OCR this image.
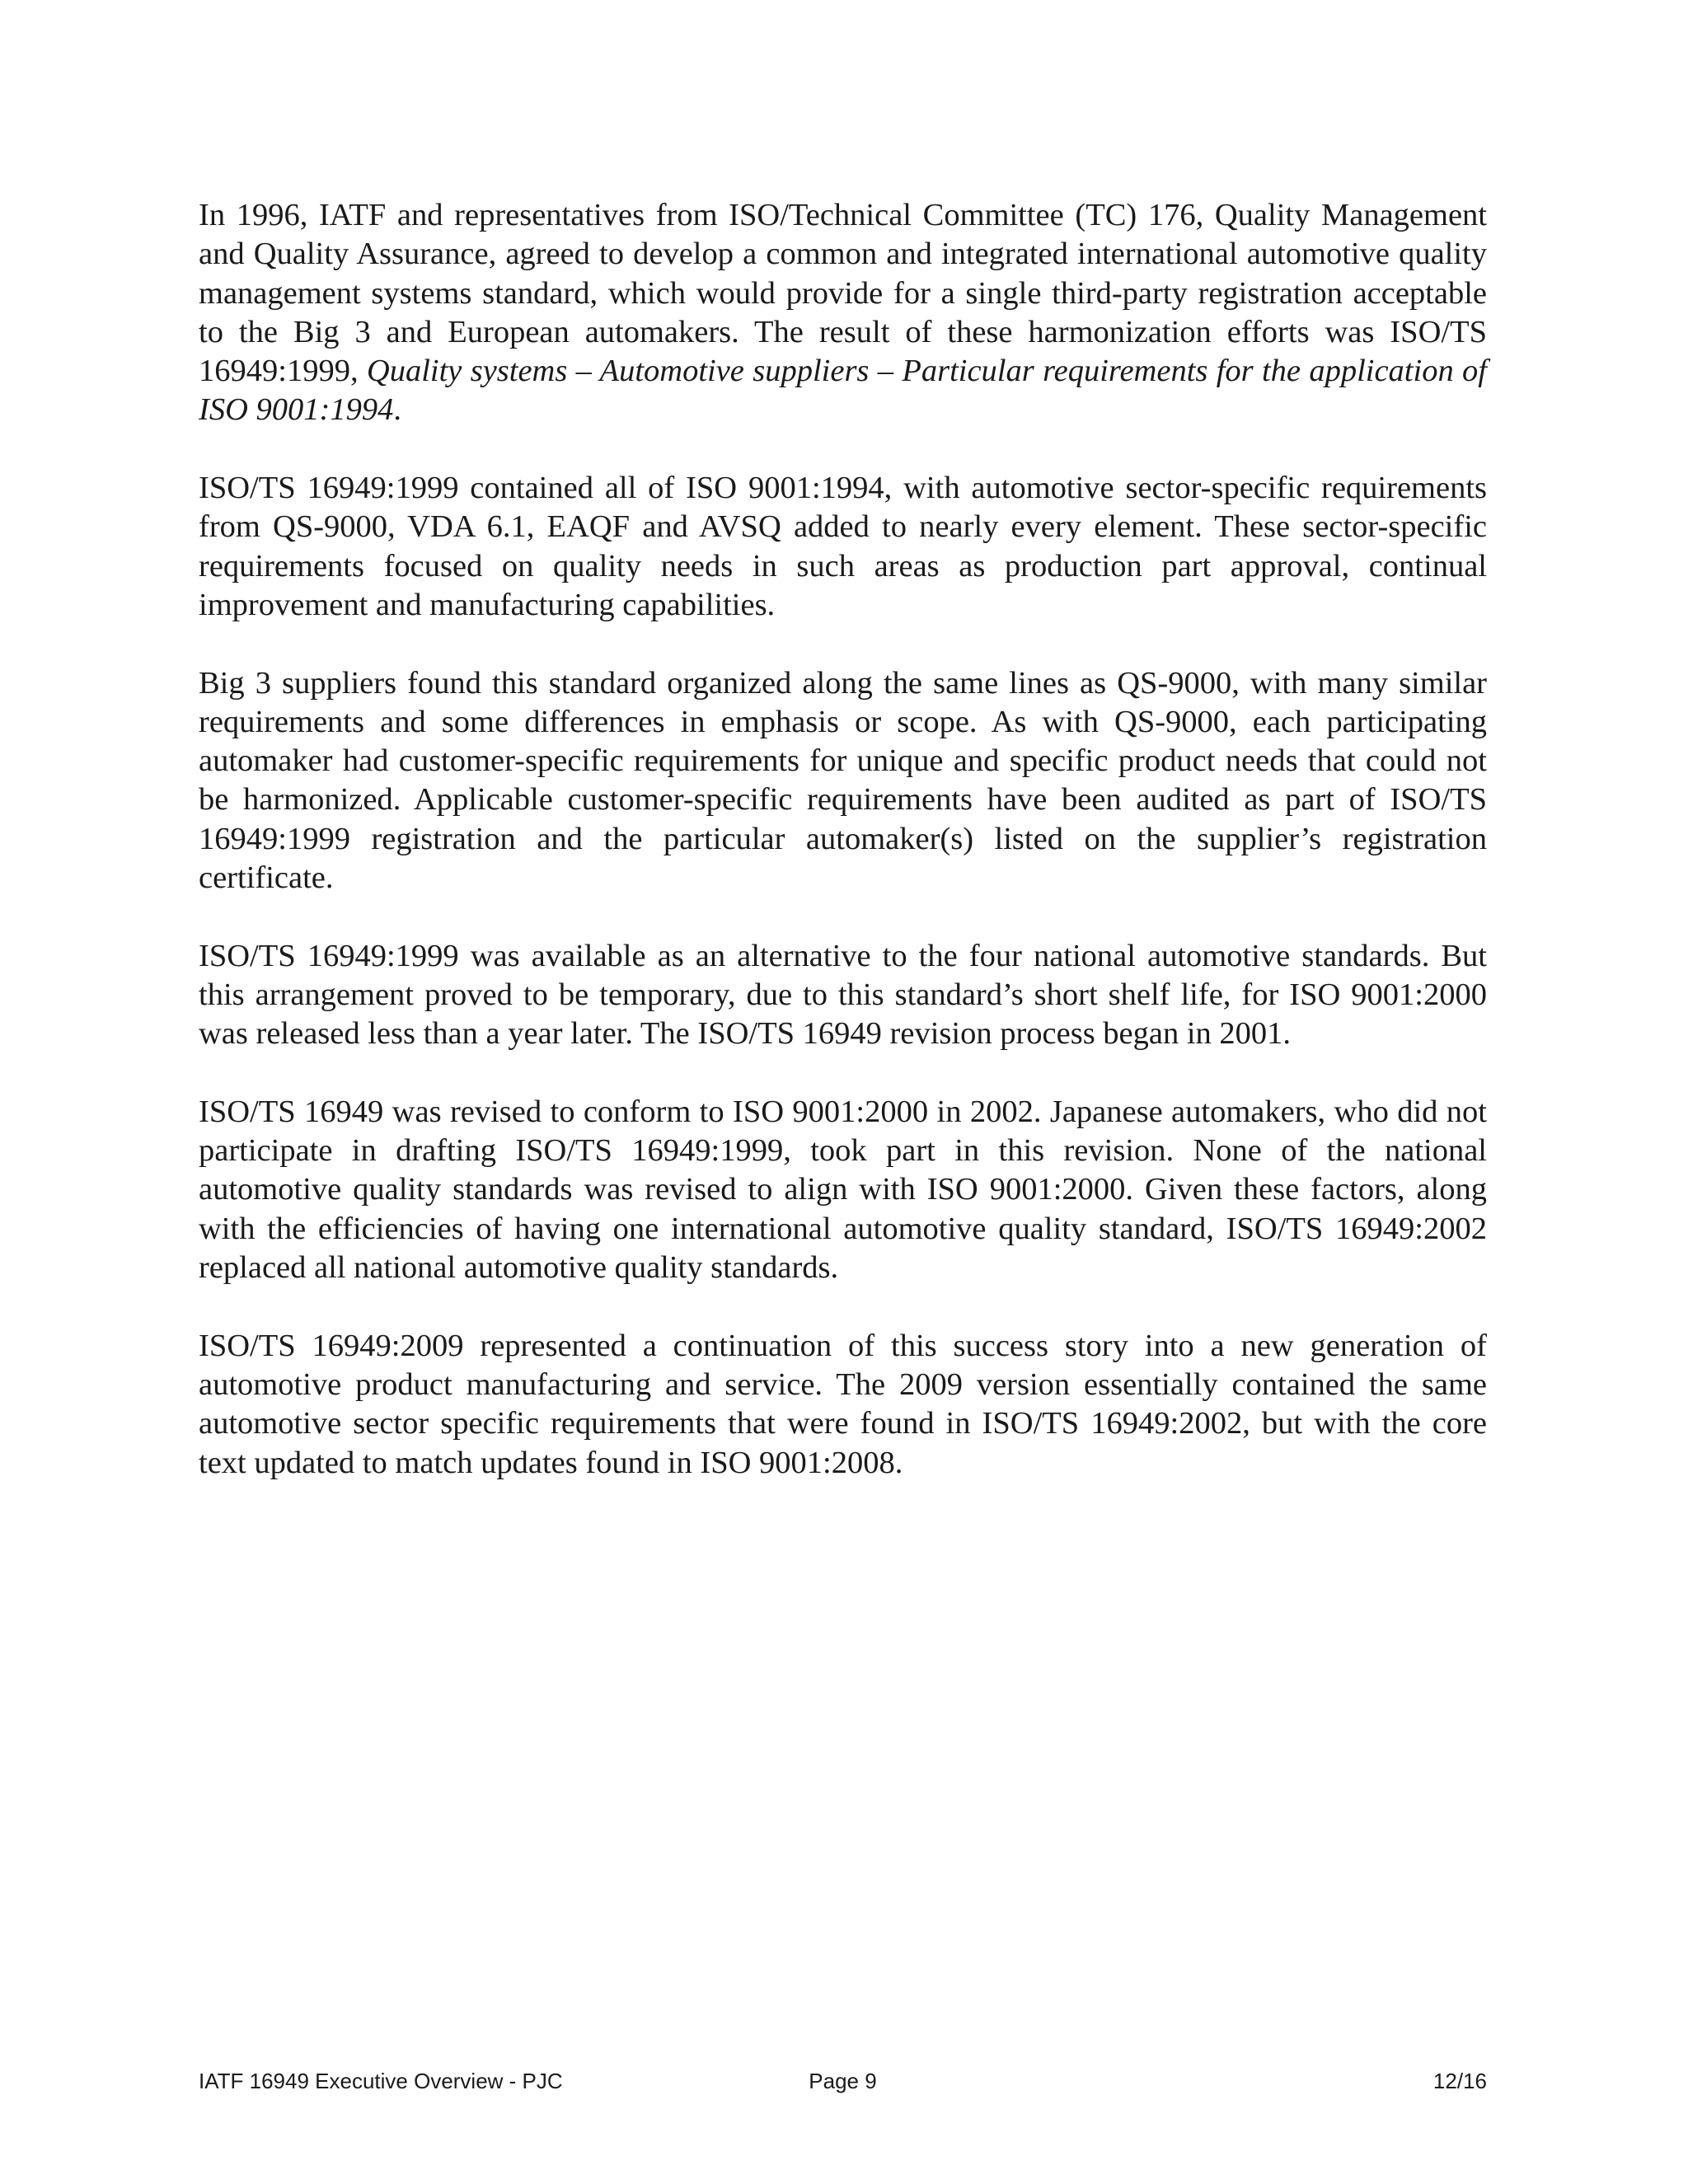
In 1996, IATF and representatives from ISO/Technical Committee (TC) 176, Quality Management and Quality Assurance, agreed to develop a common and integrated international automotive quality management systems standard, which would provide for a single third-party registration acceptable to the Big 3 and European automakers. The result of these harmonization efforts was ISO/TS 16949:1999, Quality systems – Automotive suppliers – Particular requirements for the application of ISO 9001:1994.

ISO/TS 16949:1999 contained all of ISO 9001:1994, with automotive sector-specific requirements from QS-9000, VDA 6.1, EAQF and AVSQ added to nearly every element. These sector-specific requirements focused on quality needs in such areas as production part approval, continual improvement and manufacturing capabilities.

Big 3 suppliers found this standard organized along the same lines as QS-9000, with many similar requirements and some differences in emphasis or scope. As with QS-9000, each participating automaker had customer-specific requirements for unique and specific product needs that could not be harmonized. Applicable customer-specific requirements have been audited as part of ISO/TS 16949:1999 registration and the particular automaker(s) listed on the supplier’s registration certificate.

ISO/TS 16949:1999 was available as an alternative to the four national automotive standards. But this arrangement proved to be temporary, due to this standard’s short shelf life, for ISO 9001:2000 was released less than a year later. The ISO/TS 16949 revision process began in 2001.

ISO/TS 16949 was revised to conform to ISO 9001:2000 in 2002. Japanese automakers, who did not participate in drafting ISO/TS 16949:1999, took part in this revision. None of the national automotive quality standards was revised to align with ISO 9001:2000. Given these factors, along with the efficiencies of having one international automotive quality standard, ISO/TS 16949:2002 replaced all national automotive quality standards.

ISO/TS 16949:2009 represented a continuation of this success story into a new generation of automotive product manufacturing and service. The 2009 version essentially contained the same automotive sector specific requirements that were found in ISO/TS 16949:2002, but with the core text updated to match updates found in ISO 9001:2008.

IATF 16949 Executive Overview - PJC	Page 9	12/16
